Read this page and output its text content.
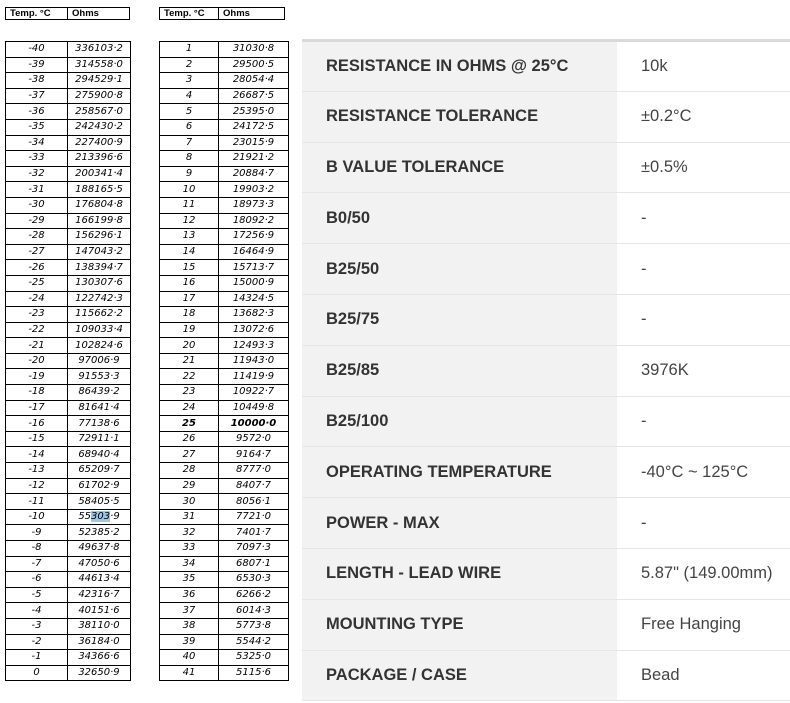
Temp. °C	Ohms	Temp. °C	Ohms
-40	336103·2
-39	314558·0
-38	294529·1
-37	275900·8
-36	258567·0
-35	242430·2
-34	227400·9
-33	213396·6
-32	200341·4
-31	188165·5
-30	176804·8
-29	166199·8
-28	156296·1
-27	147043·2
-26	138394·7
-25	130307·6
-24	122742·3
-23	115662·2
-22	109033·4
-21	102824·6
-20	97006·9
-19	91553·3
-18	86439·2
-17	81641·4
-16	77138·6
-15	72911·1
-14	68940·4
-13	65209·7
-12	61702·9
-11	58405·5
-10	55303·9
-9	52385·2
-8	49637·8
-7	47050·6
-6	44613·4
-5	42316·7
-4	40151·6
-3	38110·0
-2	36184·0
-1	34366·6
0	32650·9
1	31030·8
2	29500·5
3	28054·4
4	26687·5
5	25395·0
6	24172·5
7	23015·9
8	21921·2
9	20884·7
10	19903·2
11	18973·3
12	18092·2
13	17256·9
14	16464·9
15	15713·7
16	15000·9
17	14324·5
18	13682·3
19	13072·6
20	12493·3
21	11943·0
22	11419·9
23	10922·7
24	10449·8
25	10000·0
26	9572·0
27	9164·7
28	8777·0
29	8407·7
30	8056·1
31	7721·0
32	7401·7
33	7097·3
34	6807·1
35	6530·3
36	6266·2
37	6014·3
38	5773·8
39	5544·2
40	5325·0
41	5115·6
RESISTANCE IN OHMS @ 25°C	10k
RESISTANCE TOLERANCE	±0.2°C
B VALUE TOLERANCE	±0.5%
B0/50	-
B25/50	-
B25/75	-
B25/85	3976K
B25/100	-
OPERATING TEMPERATURE	-40°C ~ 125°C
POWER - MAX	-
LENGTH - LEAD WIRE	5.87" (149.00mm)
MOUNTING TYPE	Free Hanging
PACKAGE / CASE	Bead
